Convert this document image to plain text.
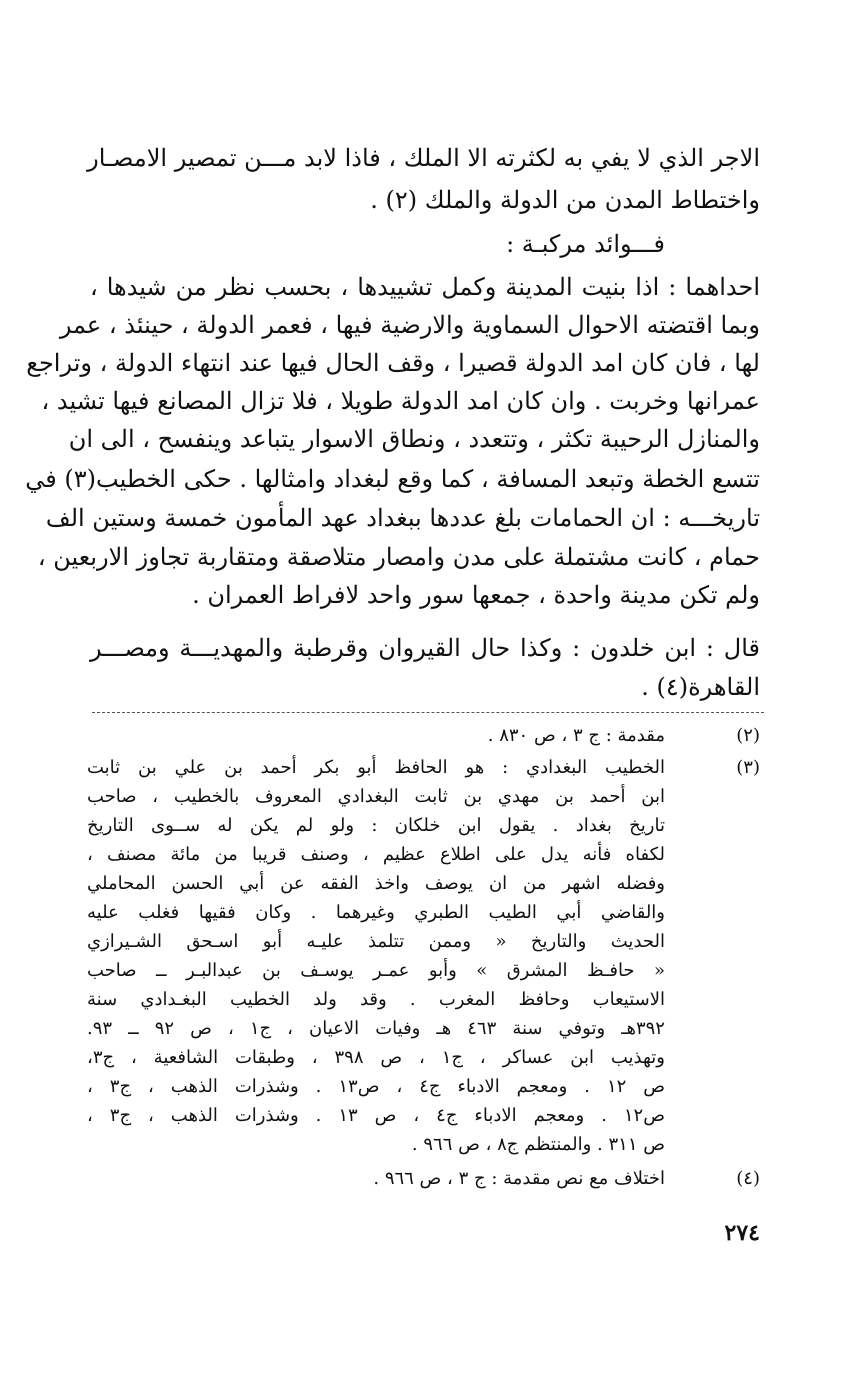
الاجر الذي لا يفي به لكثرته الا الملك ، فاذا لابد مـــن تمصير الامصـار
واختطاط المدن من الدولة والملك (٢) .
فـــوائد مركبـة :
احداهما : اذا بنيت المدينة وكمل تشييدها ، بحسب نظر من شيدها ،
وبما اقتضته الاحوال السماوية والارضية فيها ، فعمر الدولة ، حينئذ ، عمر
لها ، فان كان امد الدولة قصيرا ، وقف الحال فيها عند انتهاء الدولة ، وتراجع
عمرانها وخربت . وان كان امد الدولة طويلا ، فلا تزال المصانع فيها تشيد ،
والمنازل الرحيبة تكثر ، وتتعدد ، ونطاق الاسوار يتباعد وينفسح ، الى ان
تتسع الخطة وتبعد المسافة ، كما وقع لبغداد وامثالها . حكى الخطيب(٣) في
تاريخـــه : ان الحمامات بلغ عددها ببغداد عهد المأمون خمسة وستين الف
حمام ، كانت مشتملة على مدن وامصار متلاصقة ومتقاربة تجاوز الاربعين ،
ولم تكن مدينة واحدة ، جمعها سور واحد لافراط العمران .
قال : ابن خلدون : وكذا حال القيروان وقرطبة والمهديـــة ومصـــر
القاهرة(٤) .
(٢)
مقدمة : ج ٣ ، ص ٨٣٠ .
(٣)
الخطيب البغدادي : هو الحافظ أبو بكر أحمد بن علي بن ثابت
ابن أحمد بن مهدي بن ثابت البغدادي المعروف بالخطيب ، صاحب
تاريخ بغداد . يقول ابن خلكان : ولو لم يكن له ســوى التاريخ
لكفاه فأنه يدل على اطلاع عظيم ، وصنف قريبا من مائة مصنف ،
وفضله اشهر من ان يوصف واخذ الفقه عن أبي الحسن المحاملي
والقاضي أبي الطيب الطبري وغيرهما . وكان فقيها فغلب عليه
الحديث والتاريخ « وممن تتلمذ عليـه أبو اسـحق الشـيرازي
« حافـظ المشرق » وأبو عمـر يوسـف بن عبدالبـر ــ صاحب
الاستيعاب وحافظ المغرب . وقد ولد الخطيب البغـدادي سنة
٣٩٢هـ وتوفي سنة ٤٦٣ هـ وفيات الاعيان ، ج١ ، ص ٩٢ ــ ٩٣.
وتهذيب ابن عساكر ، ج١ ، ص ٣٩٨ ، وطبقات الشافعية ، ج٣،
ص ١٢ . ومعجم الادباء ج٤ ، ص١٣ . وشذرات الذهب ، ج٣ ،
ص١٢ . ومعجم الادباء ج٤ ، ص ١٣ . وشذرات الذهب ، ج٣ ،
ص ٣١١ . والمنتظم ج٨ ، ص ٩٦٦ .
(٤)
اختلاف مع نص مقدمة : ج ٣ ، ص ٩٦٦ .
٢٧٤
